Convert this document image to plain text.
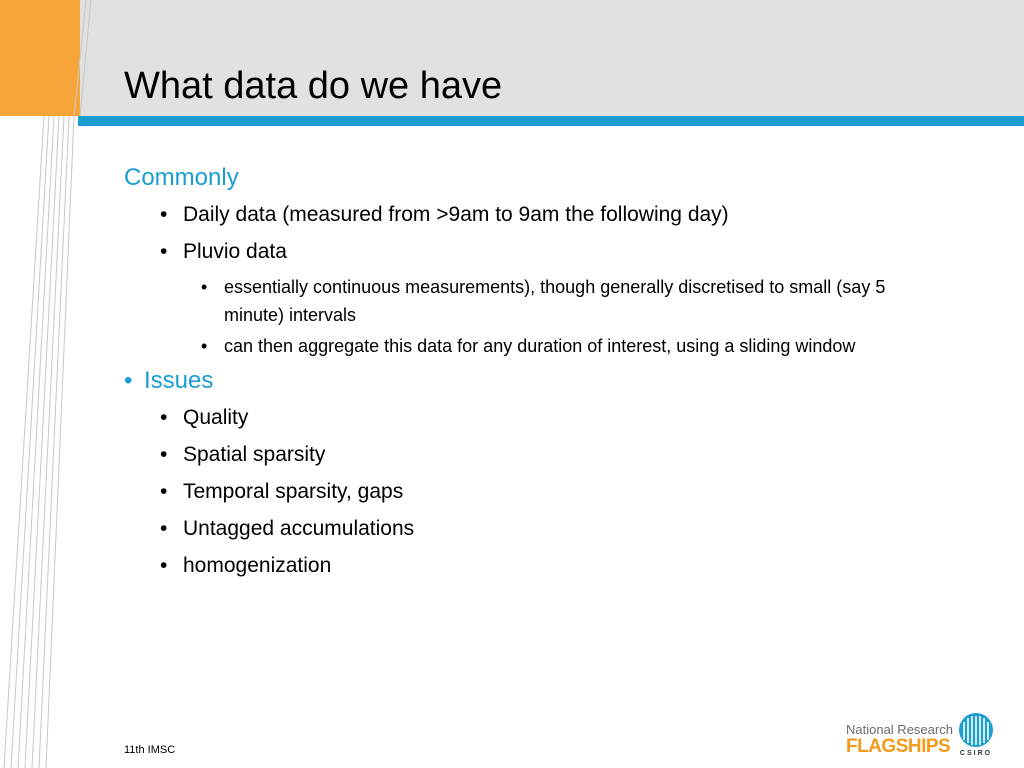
What data do we have
Commonly
• Daily data (measured from >9am to 9am the following day)
• Pluvio data
• essentially continuous measurements), though generally discretised to small (say 5 minute) intervals
• can then aggregate this data for any duration of interest, using a sliding window
• Issues
• Quality
• Spatial sparsity
• Temporal sparsity, gaps
• Untagged accumulations
• homogenization
11th IMSC
National Research
FLAGSHIPS	CSIRO
